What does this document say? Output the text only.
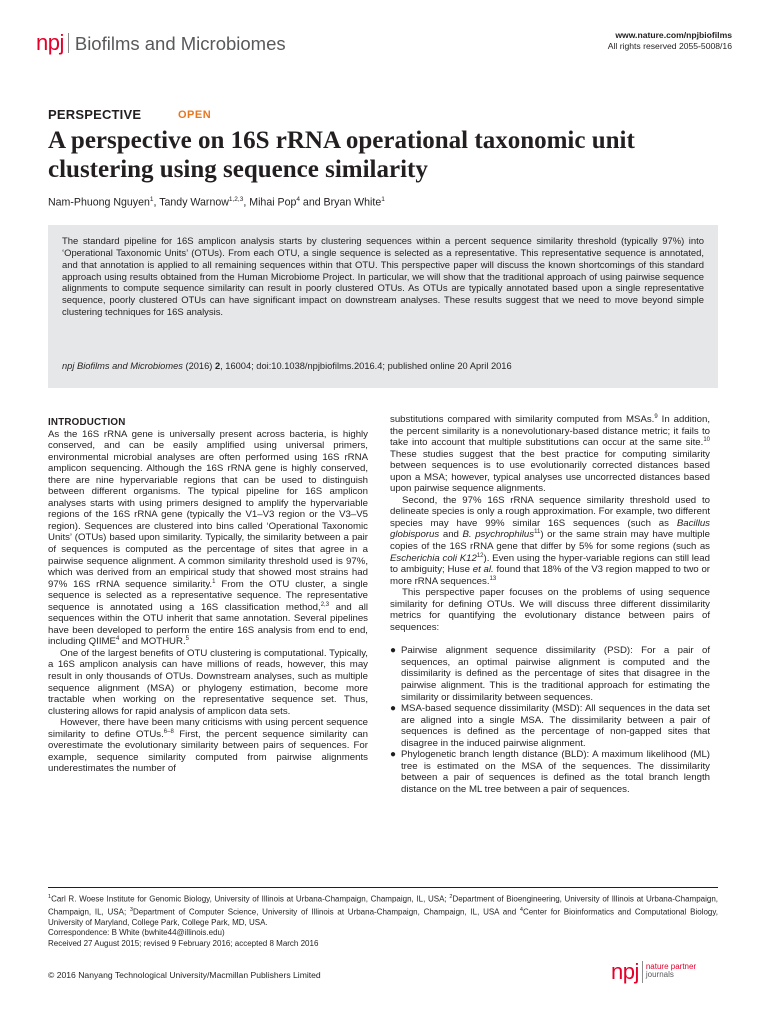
npj Biofilms and Microbiomes	www.nature.com/npjbiofilms
All rights reserved 2055-5008/16
PERSPECTIVE	OPEN
A perspective on 16S rRNA operational taxonomic unit clustering using sequence similarity
Nam-Phuong Nguyen$^1$, Tandy Warnow$^{1,2,3}$, Mihai Pop$^4$ and Bryan White$^1$

The standard pipeline for 16S amplicon analysis starts by clustering sequences within a percent sequence similarity threshold (typically 97%) into ‘Operational Taxonomic Units’ (OTUs). From each OTU, a single sequence is selected as a representative. This representative sequence is annotated, and that annotation is applied to all remaining sequences within that OTU. This perspective paper will discuss the known shortcomings of this standard approach using results obtained from the Human Microbiome Project. In particular, we will show that the traditional approach of using pairwise sequence alignments to compute sequence similarity can result in poorly clustered OTUs. As OTUs are typically annotated based upon a single representative sequence, poorly clustered OTUs can have significant impact on downstream analyses. These results suggest that we need to move beyond simple clustering techniques for 16S analysis.

npj Biofilms and Microbiomes (2016) 2, 16004; doi:10.1038/npjbiofilms.2016.4; published online 20 April 2016
INTRODUCTION

As the 16S rRNA gene is universally present across bacteria, is highly conserved, and can be easily amplified using universal primers, environmental microbial analyses are often performed using 16S rRNA amplicon sequencing. Although the 16S rRNA gene is highly conserved, there are nine hypervariable regions that can be used to distinguish between different organisms. The typical pipeline for 16S amplicon analyses starts with using primers designed to amplify the hypervariable regions of the 16S rRNA gene (typically the V1–V3 region or the V3–V5 region). Sequences are clustered into bins called ‘Operational Taxonomic Units’ (OTUs) based upon similarity. Typically, the similarity between a pair of sequences is computed as the percentage of sites that agree in a pairwise sequence alignment. A common similarity threshold used is 97%, which was derived from an empirical study that showed most strains had 97% 16S rRNA sequence similarity.$^1$ From the OTU cluster, a single sequence is selected as a representative sequence. The representative sequence is annotated using a 16S classification method,$^{2,3}$ and all sequences within the OTU inherit that same annotation. Several pipelines have been developed to perform the entire 16S analysis from end to end, including QIIME$^4$ and MOTHUR.$^5$

One of the largest benefits of OTU clustering is computational. Typically, a 16S amplicon analysis can have millions of reads, however, this may result in only thousands of OTUs. Downstream analyses, such as multiple sequence alignment (MSA) or phylogeny estimation, become more tractable when working on the representative sequence set. Thus, clustering allows for rapid analysis of amplicon data sets.

However, there have been many criticisms with using percent sequence similarity to define OTUs.$^{6-8}$ First, the percent sequence similarity can overestimate the evolutionary similarity between pairs of sequences. For example, sequence similarity computed from pairwise alignments underestimates the number of

substitutions compared with similarity computed from MSAs.$^9$ In addition, the percent similarity is a nonevolutionary-based distance metric; it fails to take into account that multiple substitutions can occur at the same site.$^{10}$ These studies suggest that the best practice for computing similarity between sequences is to use evolutionarily corrected distances based upon a MSA; however, typical analyses use uncorrected distances based upon pairwise sequence alignments.

Second, the 97% 16S rRNA sequence similarity threshold used to delineate species is only a rough approximation. For example, two different species may have 99% similar 16S sequences (such as Bacillus globisporus and B. psychrophilus$^{11}$) or the same strain may have multiple copies of the 16S rRNA gene that differ by 5% for some regions (such as Escherichia coli $K12^{12}$). Even using the hyper-variable regions can still lead to ambiguity; Huse et al. found that 18% of the V3 region mapped to two or more rRNA sequences.$^{13}$

This perspective paper focuses on the problems of using sequence similarity for defining OTUs. We will discuss three different dissimilarity metrics for quantifying the evolutionary distance between pairs of sequences:

● Pairwise alignment sequence dissimilarity (PSD): For a pair of sequences, an optimal pairwise alignment is computed and the dissimilarity is defined as the percentage of sites that disagree in the pairwise alignment. This is the traditional approach for estimating the similarity or dissimilarity between sequences.
● MSA-based sequence dissimilarity (MSD): All sequences in the data set are aligned into a single MSA. The dissimilarity between a pair of sequences is defined as the percentage of non-gapped sites that disagree in the induced pairwise alignment.
● Phylogenetic branch length distance (BLD): A maximum likelihood (ML) tree is estimated on the MSA of the sequences. The dissimilarity between a pair of sequences is defined as the total branch length distance on the ML tree between a pair of sequences.
$^1$Carl R. Woese Institute for Genomic Biology, University of Illinois at Urbana-Champaign, Champaign, IL, USA; $^2$Department of Bioengineering, University of Illinois at Urbana-Champaign, Champaign, IL, USA; $^3$Department of Computer Science, University of Illinois at Urbana-Champaign, Champaign, IL, USA and $^4$Center for Bioinformatics and Computational Biology, University of Maryland, College Park, College Park, MD, USA.
Correspondence: B White (bwhite44@illinois.edu)
Received 27 August 2015; revised 9 February 2016; accepted 8 March 2016
© 2016 Nanyang Technological University/Macmillan Publishers Limited	npj nature partner
journals
